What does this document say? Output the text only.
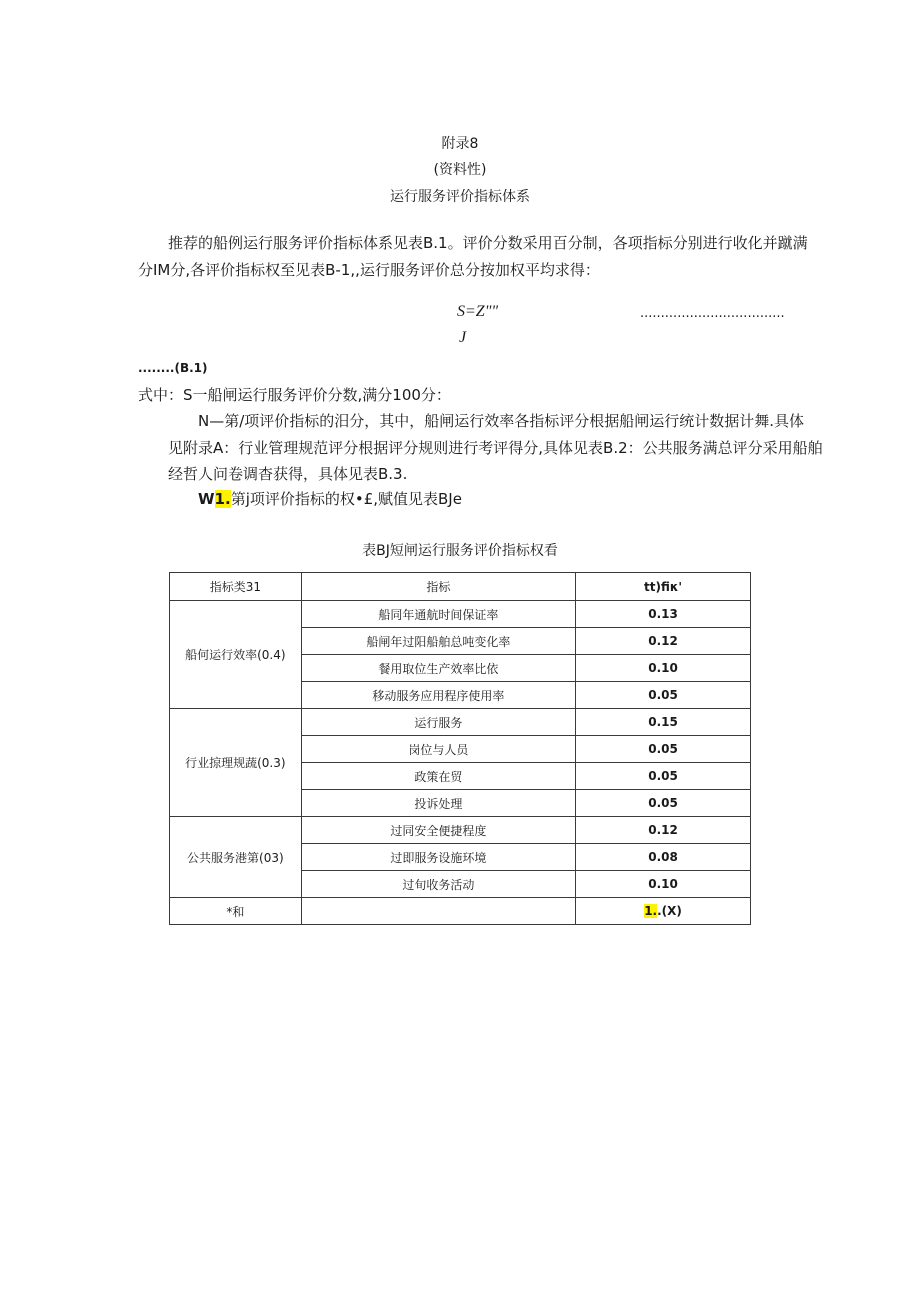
附录8
(资料性)
运行服务评价指标体系
推荐的船例运行服务评价指标体系见表B.1。评价分数采用百分制，各项指标分别进行收化并蹴满
分IM分,各评价指标权至见表B-1,,运行服务评价总分按加权平均求得：
S=Z""	...................................
J
........(B.1)
式中：S一船闸运行服务评价分数,满分100分：
N—第/项评价指标的汨分，其中，船闸运行效率各指标评分根据船闸运行统计数据计舞.具体
见附录A：行业管理规范评分根据评分规则进行考评得分,具体见表B.2：公共服务满总评分采用船舶
经哲人问卷调杳获得，具体见表B.3.
W1.第j项评价指标的权•£,赋值见表BJe
表BJ短闸运行服务评价指标权看
指标类31	指标	tt)fiκ'
船何运行效率(0.4)	船同年通航时间保证率	0.13
	船闸年过阳船舶总吨变化率	0.12
	餐用取位生产效率比依	0.10
	移动服务应用程序使用率	0.05
行业掠理规蔬(0.3)	运行服务	0.15
	岗位与人员	0.05
	政策在贸	0.05
	投诉处理	0.05
公共服务港第(03)	过同安全便捷程度	0.12
	过即服务设施环境	0.08
	过旬收务活动	0.10
*和		1..(X)
